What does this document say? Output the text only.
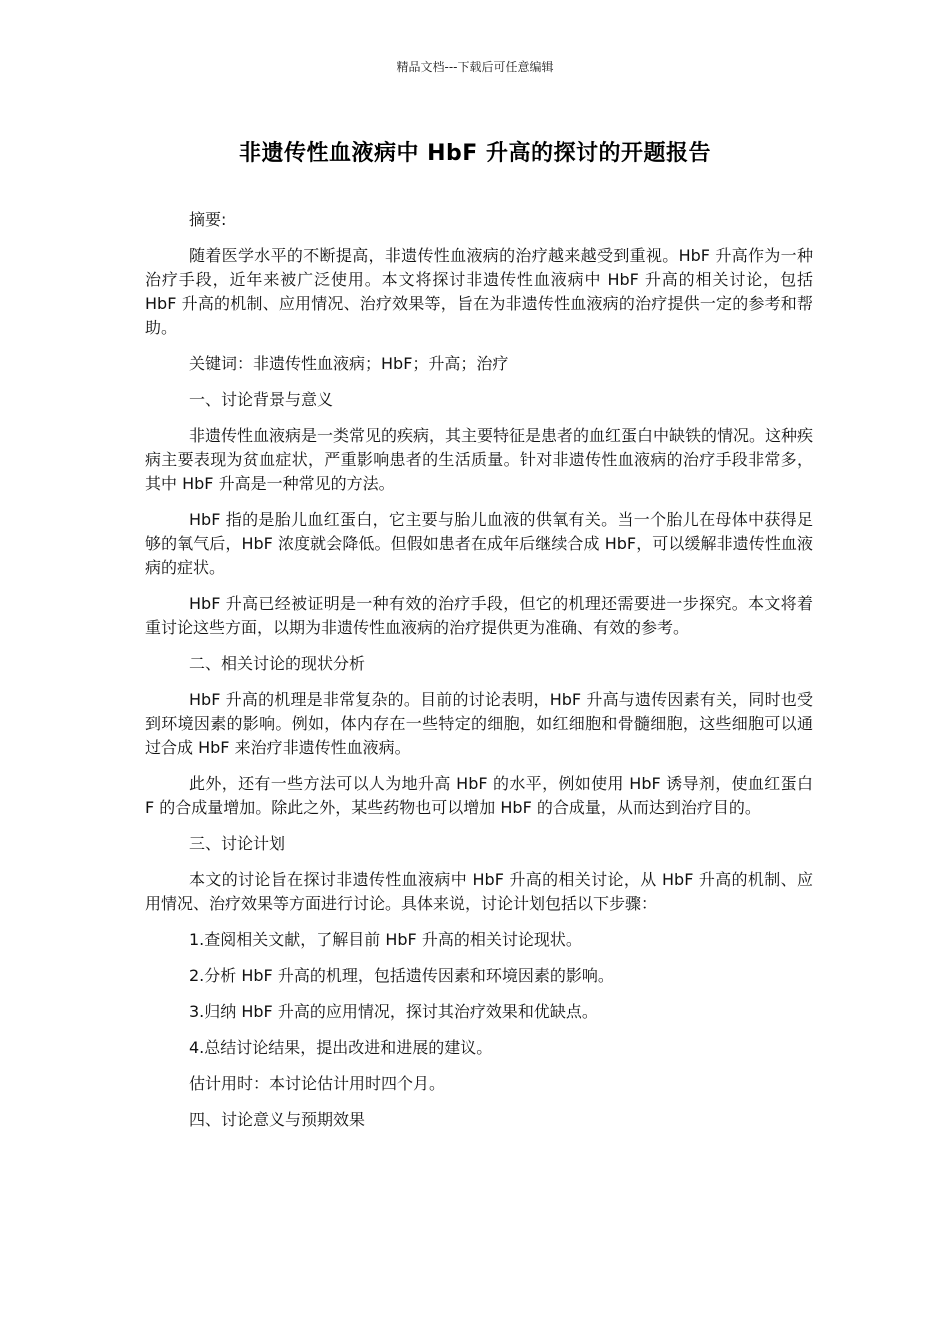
精品文档---下载后可任意编辑
非遗传性血液病中 HbF 升高的探讨的开题报告

摘要:

随着医学水平的不断提高，非遗传性血液病的治疗越来越受到重视。HbF 升高作为一种治疗手段，近年来被广泛使用。本文将探讨非遗传性血液病中 HbF 升高的相关讨论，包括 HbF 升高的机制、应用情况、治疗效果等，旨在为非遗传性血液病的治疗提供一定的参考和帮助。

关键词：非遗传性血液病；HbF；升高；治疗

一、讨论背景与意义

非遗传性血液病是一类常见的疾病，其主要特征是患者的血红蛋白中缺铁的情况。这种疾病主要表现为贫血症状，严重影响患者的生活质量。针对非遗传性血液病的治疗手段非常多，其中 HbF 升高是一种常见的方法。

HbF 指的是胎儿血红蛋白，它主要与胎儿血液的供氧有关。当一个胎儿在母体中获得足够的氧气后，HbF 浓度就会降低。但假如患者在成年后继续合成 HbF，可以缓解非遗传性血液病的症状。

HbF 升高已经被证明是一种有效的治疗手段，但它的机理还需要进一步探究。本文将着重讨论这些方面，以期为非遗传性血液病的治疗提供更为准确、有效的参考。

二、相关讨论的现状分析

HbF 升高的机理是非常复杂的。目前的讨论表明，HbF 升高与遗传因素有关，同时也受到环境因素的影响。例如，体内存在一些特定的细胞，如红细胞和骨髓细胞，这些细胞可以通过合成 HbF 来治疗非遗传性血液病。

此外，还有一些方法可以人为地升高 HbF 的水平，例如使用 HbF 诱导剂，使血红蛋白 F 的合成量增加。除此之外，某些药物也可以增加 HbF 的合成量，从而达到治疗目的。

三、讨论计划

本文的讨论旨在探讨非遗传性血液病中 HbF 升高的相关讨论，从 HbF 升高的机制、应用情况、治疗效果等方面进行讨论。具体来说，讨论计划包括以下步骤：

1.查阅相关文献，了解目前 HbF 升高的相关讨论现状。

2.分析 HbF 升高的机理，包括遗传因素和环境因素的影响。

3.归纳 HbF 升高的应用情况，探讨其治疗效果和优缺点。

4.总结讨论结果，提出改进和进展的建议。

估计用时：本讨论估计用时四个月。

四、讨论意义与预期效果
